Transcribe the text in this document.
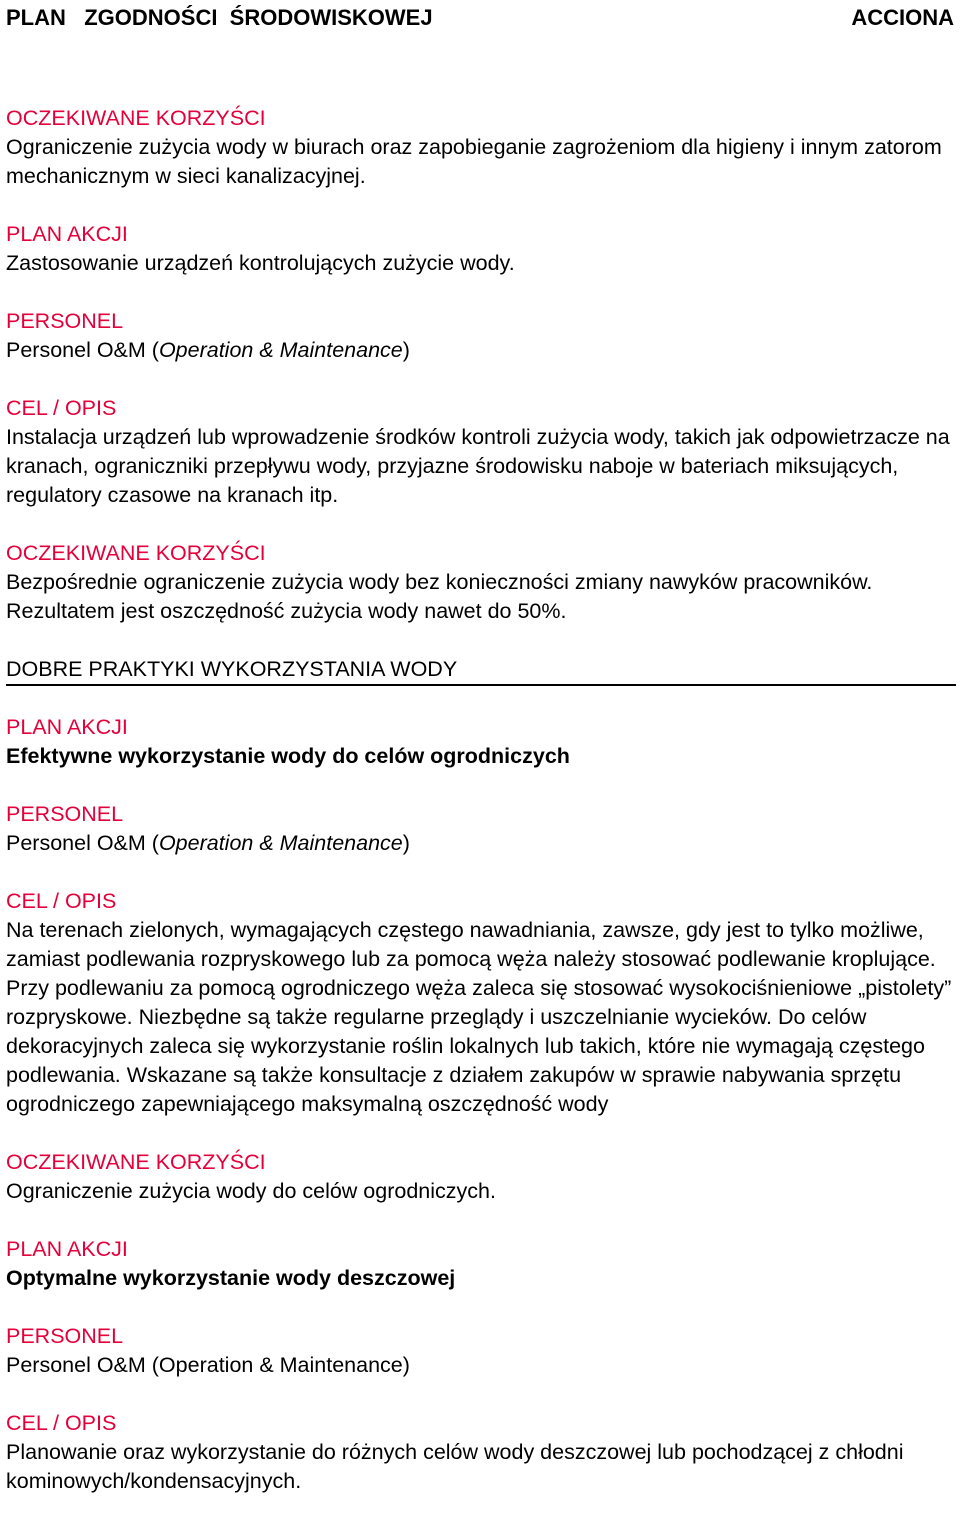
PLAN   ZGODNOŚCI  ŚRODOWISKOWEJ	ACCIONA

OCZEKIWANE KORZYŚCI

Ograniczenie zużycia wody w biurach oraz zapobieganie zagrożeniom dla higieny i innym zatorom mechanicznym w sieci kanalizacyjnej.

PLAN AKCJI

Zastosowanie urządzeń kontrolujących zużycie wody.

PERSONEL

Personel O&M (Operation & Maintenance)

CEL / OPIS

Instalacja urządzeń lub wprowadzenie środków kontroli zużycia wody, takich jak odpowietrzacze na kranach, ograniczniki przepływu wody, przyjazne środowisku naboje w bateriach miksujących, regulatory czasowe na kranach itp.

OCZEKIWANE KORZYŚCI

Bezpośrednie ograniczenie zużycia wody bez konieczności zmiany nawyków pracowników. Rezultatem jest oszczędność zużycia wody nawet do 50%.

DOBRE PRAKTYKI WYKORZYSTANIA WODY

PLAN AKCJI

Efektywne wykorzystanie wody do celów ogrodniczych

PERSONEL

Personel O&M (Operation & Maintenance)

CEL / OPIS

Na terenach zielonych, wymagających częstego nawadniania, zawsze, gdy jest to tylko możliwe, zamiast podlewania rozpryskowego lub za pomocą węża należy stosować podlewanie kroplujące. Przy podlewaniu za pomocą ogrodniczego węża zaleca się stosować wysokociśnieniowe „pistolety” rozpryskowe. Niezbędne są także regularne przeglądy i uszczelnianie wycieków. Do celów dekoracyjnych zaleca się wykorzystanie roślin lokalnych lub takich, które nie wymagają częstego podlewania. Wskazane są także konsultacje z działem zakupów w sprawie nabywania sprzętu ogrodniczego zapewniającego maksymalną oszczędność wody

OCZEKIWANE KORZYŚCI

Ograniczenie zużycia wody do celów ogrodniczych.

PLAN AKCJI

Optymalne wykorzystanie wody deszczowej

PERSONEL

Personel O&M (Operation & Maintenance)

CEL / OPIS

Planowanie oraz wykorzystanie do różnych celów wody deszczowej lub pochodzącej z chłodni kominowych/kondensacyjnych.
